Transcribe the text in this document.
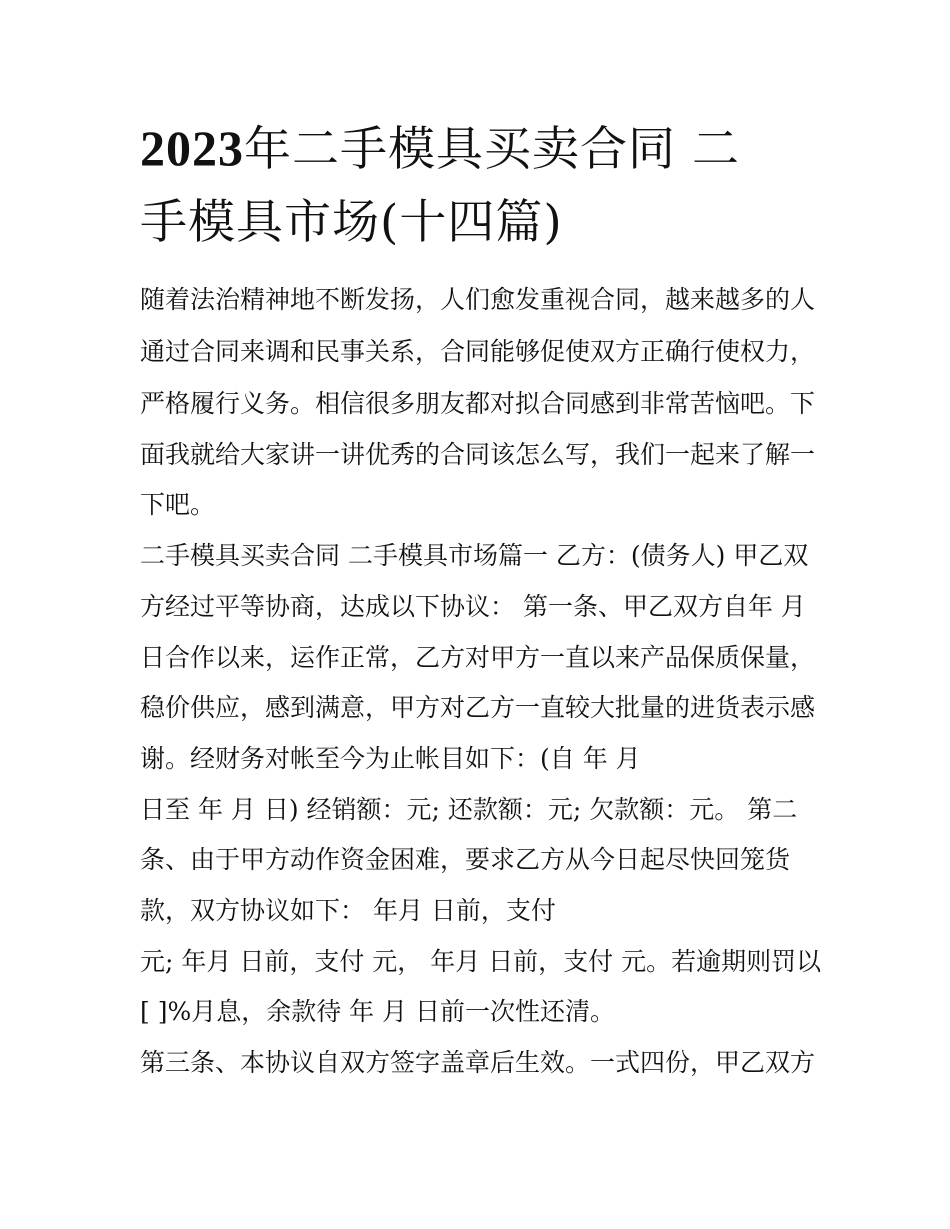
2023年二手模具买卖合同 二
手模具市场(十四篇)

随着法治精神地不断发扬，人们愈发重视合同，越来越多的人

通过合同来调和民事关系，合同能够促使双方正确行使权力，

严格履行义务。相信很多朋友都对拟合同感到非常苦恼吧。下

面我就给大家讲一讲优秀的合同该怎么写，我们一起来了解一

下吧。

二手模具买卖合同 二手模具市场篇一 乙方：(债务人) 甲乙双

方经过平等协商，达成以下协议： 第一条、甲乙双方自年 月

日合作以来，运作正常，乙方对甲方一直以来产品保质保量，

稳价供应，感到满意，甲方对乙方一直较大批量的进货表示感

谢。经财务对帐至今为止帐目如下：(自 年 月

日至 年 月 日) 经销额：元; 还款额：元; 欠款额：元。 第二

条、由于甲方动作资金困难，要求乙方从今日起尽快回笼货

款，双方协议如下： 年月 日前，支付

元; 年月 日前，支付 元， 年月 日前，支付 元。若逾期则罚以

[ ]%月息，余款待 年 月 日前一次性还清。

第三条、本协议自双方签字盖章后生效。一式四份，甲乙双方
